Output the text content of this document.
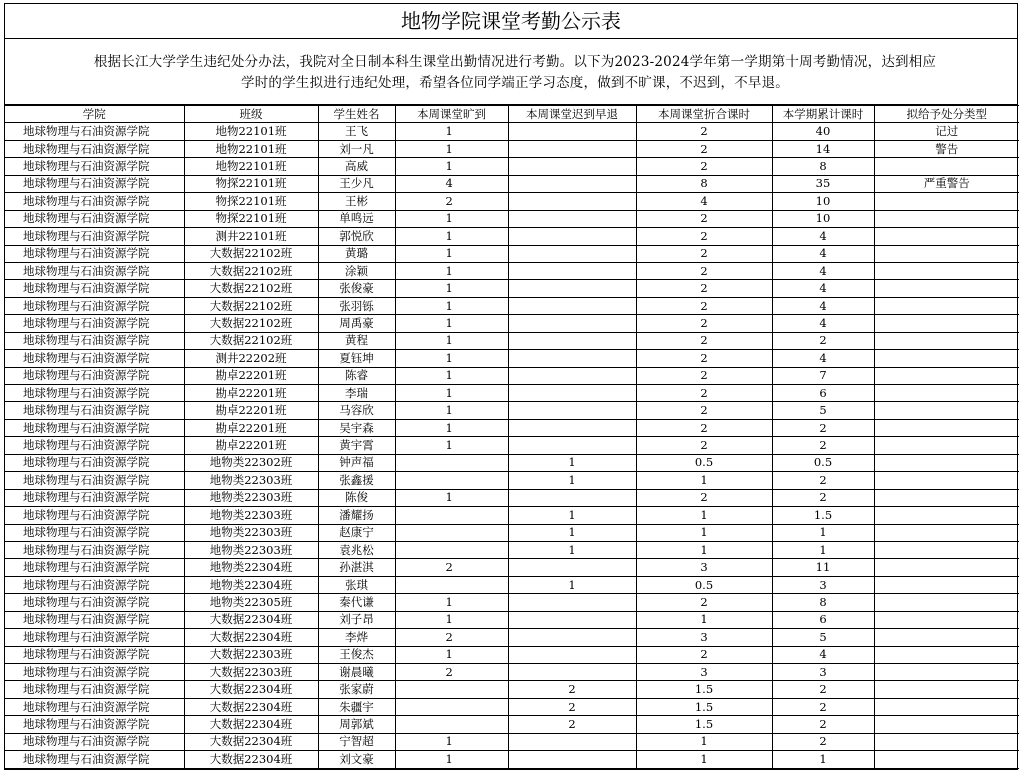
地物学院课堂考勤公示表
根据长江大学学生违纪处分办法，我院对全日制本科生课堂出勤情况进行考勤。以下为2023-2024学年第一学期第十周考勤情况，达到相应
学时的学生拟进行违纪处理，希望各位同学端正学习态度，做到不旷课，不迟到，不早退。
学院	班级	学生姓名	本周课堂旷到	本周课堂迟到早退	本周课堂折合课时	本学期累计课时	拟给予处分类型
地球物理与石油资源学院	地物22101班	王飞	1		2	40	记过
地球物理与石油资源学院	地物22101班	刘一凡	1		2	14	警告
地球物理与石油资源学院	地物22101班	高威	1		2	8	
地球物理与石油资源学院	物探22101班	王少凡	4		8	35	严重警告
地球物理与石油资源学院	物探22101班	王彬	2		4	10	
地球物理与石油资源学院	物探22101班	单鸣远	1		2	10	
地球物理与石油资源学院	测井22101班	郭悦欣	1		2	4	
地球物理与石油资源学院	大数据22102班	黄璐	1		2	4	
地球物理与石油资源学院	大数据22102班	涂颖	1		2	4	
地球物理与石油资源学院	大数据22102班	张俊豪	1		2	4	
地球物理与石油资源学院	大数据22102班	张羽铄	1		2	4	
地球物理与石油资源学院	大数据22102班	周禹豪	1		2	4	
地球物理与石油资源学院	大数据22102班	黄程	1		2	2	
地球物理与石油资源学院	测井22202班	夏钰坤	1		2	4	
地球物理与石油资源学院	勘卓22201班	陈睿	1		2	7	
地球物理与石油资源学院	勘卓22201班	李瑞	1		2	6	
地球物理与石油资源学院	勘卓22201班	马容欣	1		2	5	
地球物理与石油资源学院	勘卓22201班	吴宇森	1		2	2	
地球物理与石油资源学院	勘卓22201班	黄宇霄	1		2	2	
地球物理与石油资源学院	地物类22302班	钟声福		1	0.5	0.5	
地球物理与石油资源学院	地物类22303班	张鑫援		1	1	2	
地球物理与石油资源学院	地物类22303班	陈俊	1		2	2	
地球物理与石油资源学院	地物类22303班	潘耀扬		1	1	1.5	
地球物理与石油资源学院	地物类22303班	赵康宁		1	1	1	
地球物理与石油资源学院	地物类22303班	袁兆松		1	1	1	
地球物理与石油资源学院	地物类22304班	孙湛淇	2		3	11	
地球物理与石油资源学院	地物类22304班	张琪		1	0.5	3	
地球物理与石油资源学院	地物类22305班	秦代谦	1		2	8	
地球物理与石油资源学院	大数据22304班	刘子昂	1		1	6	
地球物理与石油资源学院	大数据22304班	李烨	2		3	5	
地球物理与石油资源学院	大数据22303班	王俊杰	1		2	4	
地球物理与石油资源学院	大数据22303班	谢晨曦	2		3	3	
地球物理与石油资源学院	大数据22304班	张家蔚		2	1.5	2	
地球物理与石油资源学院	大数据22304班	朱疆宇		2	1.5	2	
地球物理与石油资源学院	大数据22304班	周郭斌		2	1.5	2	
地球物理与石油资源学院	大数据22304班	宁智超	1		1	2	
地球物理与石油资源学院	大数据22304班	刘文豪	1		1	1	
